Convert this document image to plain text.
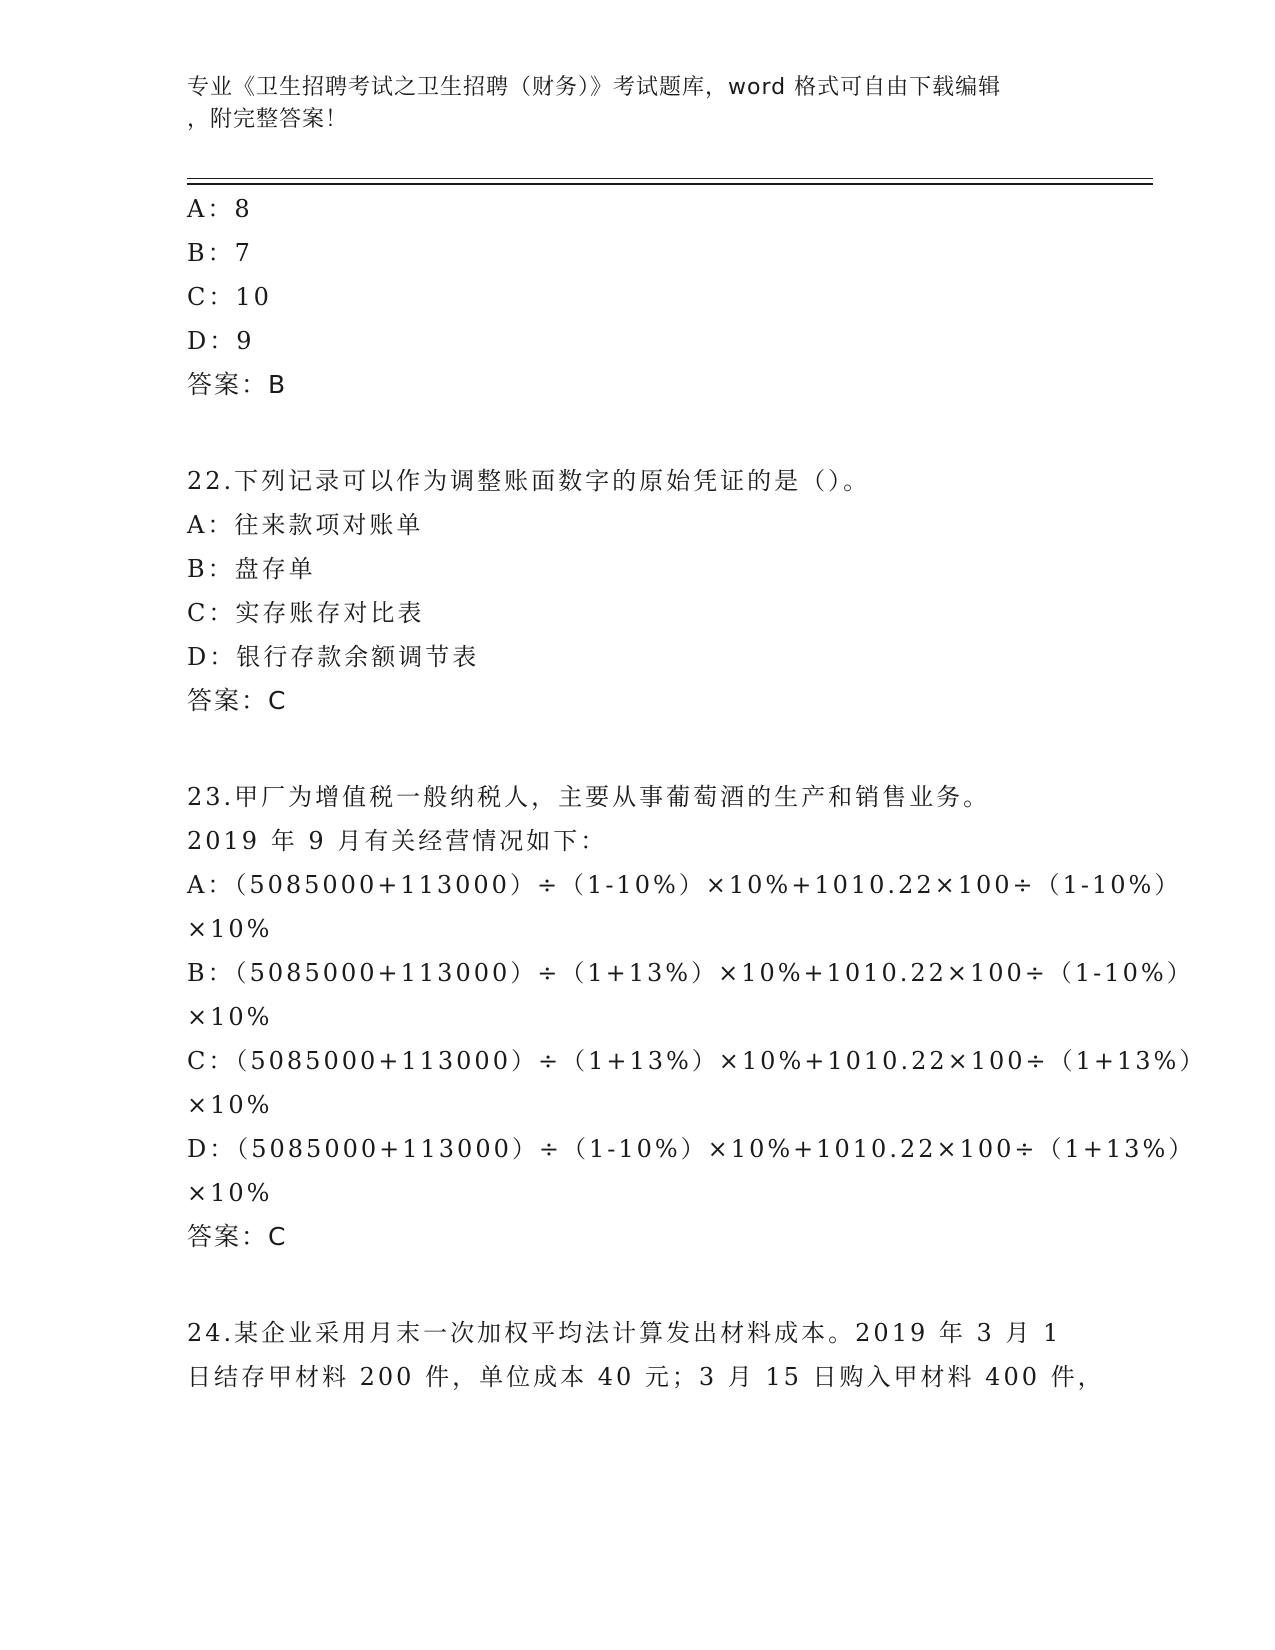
专业《卫生招聘考试之卫生招聘（财务）》考试题库，word 格式可自由下载编辑
，附完整答案！
A：8
B：7
C：10
D：9
答案：B
22.下列记录可以作为调整账面数字的原始凭证的是（）。
A：往来款项对账单
B：盘存单
C：实存账存对比表
D：银行存款余额调节表
答案：C
23.甲厂为增值税一般纳税人，主要从事葡萄酒的生产和销售业务。
2019 年 9 月有关经营情况如下：
A：（5085000+113000）÷（1-10%）×10%+1010.22×100÷（1-10%）
×10%
B：（5085000+113000）÷（1+13%）×10%+1010.22×100÷（1-10%）
×10%
C：（5085000+113000）÷（1+13%）×10%+1010.22×100÷（1+13%）
×10%
D：（5085000+113000）÷（1-10%）×10%+1010.22×100÷（1+13%）
×10%
答案：C
24.某企业采用月末一次加权平均法计算发出材料成本。2019 年 3 月 1
日结存甲材料 200 件，单位成本 40 元；3 月 15 日购入甲材料 400 件，
